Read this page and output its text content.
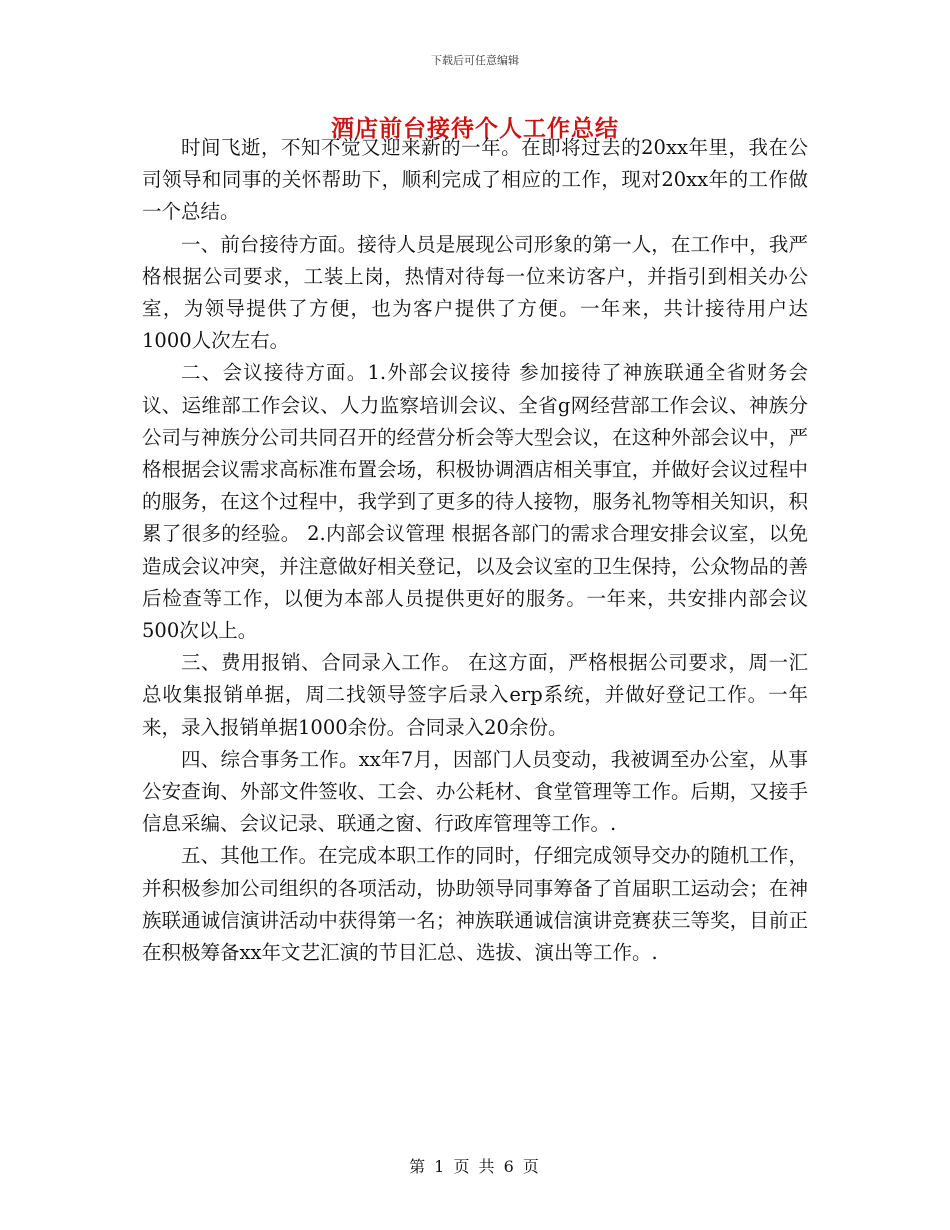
下载后可任意编辑
酒店前台接待个人工作总结

时间飞逝，不知不觉又迎来新的一年。在即将过去的20xx年里，我在公司领导和同事的关怀帮助下，顺利完成了相应的工作，现对20xx年的工作做一个总结。

一、前台接待方面。接待人员是展现公司形象的第一人，在工作中，我严格根据公司要求，工装上岗，热情对待每一位来访客户，并指引到相关办公室，为领导提供了方便，也为客户提供了方便。一年来，共计接待用户达1000人次左右。

二、会议接待方面。1.外部会议接待 参加接待了神族联通全省财务会议、运维部工作会议、人力监察培训会议、全省g网经营部工作会议、神族分公司与神族分公司共同召开的经营分析会等大型会议，在这种外部会议中，严格根据会议需求高标准布置会场，积极协调酒店相关事宜，并做好会议过程中的服务，在这个过程中，我学到了更多的待人接物，服务礼物等相关知识，积累了很多的经验。 2.内部会议管理 根据各部门的需求合理安排会议室，以免造成会议冲突，并注意做好相关登记，以及会议室的卫生保持，公众物品的善后检查等工作，以便为本部人员提供更好的服务。一年来，共安排内部会议500次以上。

三、费用报销、合同录入工作。 在这方面，严格根据公司要求，周一汇总收集报销单据，周二找领导签字后录入erp系统，并做好登记工作。一年来，录入报销单据1000余份。合同录入20余份。

四、综合事务工作。xx年7月，因部门人员变动，我被调至办公室，从事公安查询、外部文件签收、工会、办公耗材、食堂管理等工作。后期，又接手信息采编、会议记录、联通之窗、行政库管理等工作。.

五、其他工作。在完成本职工作的同时，仔细完成领导交办的随机工作，并积极参加公司组织的各项活动，协助领导同事筹备了首届职工运动会；在神族联通诚信演讲活动中获得第一名；神族联通诚信演讲竞赛获三等奖，目前正在积极筹备xx年文艺汇演的节目汇总、选拔、演出等工作。.

第 1 页 共 6 页
